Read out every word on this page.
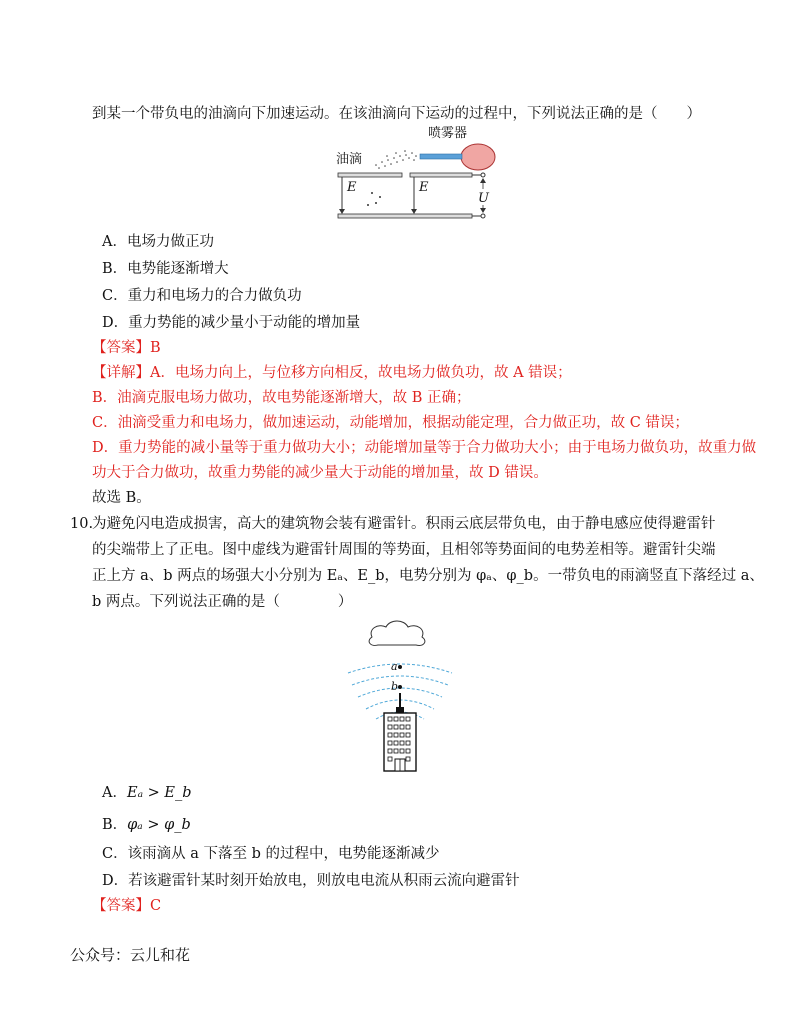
到某一个带负电的油滴向下加速运动。在该油滴向下运动的过程中，下列说法正确的是（　　）
喷雾器
油滴
E	E
U
A．电场力做正功
B．电势能逐渐增大
C．重力和电场力的合力做负功
D．重力势能的减少量小于动能的增加量
【答案】B
【详解】A．电场力向上，与位移方向相反，故电场力做负功，故 A 错误；
B．油滴克服电场力做功，故电势能逐渐增大，故 B 正确；
C．油滴受重力和电场力，做加速运动，动能增加，根据动能定理，合力做正功，故 C 错误；
D．重力势能的减小量等于重力做功大小；动能增加量等于合力做功大小；由于电场力做负功，故重力做
功大于合力做功，故重力势能的减少量大于动能的增加量，故 D 错误。
故选 B。
10.
为避免闪电造成损害，高大的建筑物会装有避雷针。积雨云底层带负电，由于静电感应使得避雷针
的尖端带上了正电。图中虚线为避雷针周围的等势面，且相邻等势面间的电势差相等。避雷针尖端
正上方 a、b 两点的场强大小分别为 Eₐ、E_b，电势分别为 φₐ、φ_b。一带负电的雨滴竖直下落经过 a、
b 两点。下列说法正确的是（　　　　）
a
b
A．Eₐ > E_b
B．φₐ > φ_b
C．该雨滴从 a 下落至 b 的过程中，电势能逐渐减少
D．若该避雷针某时刻开始放电，则放电电流从积雨云流向避雷针
【答案】C
公众号：云儿和花
